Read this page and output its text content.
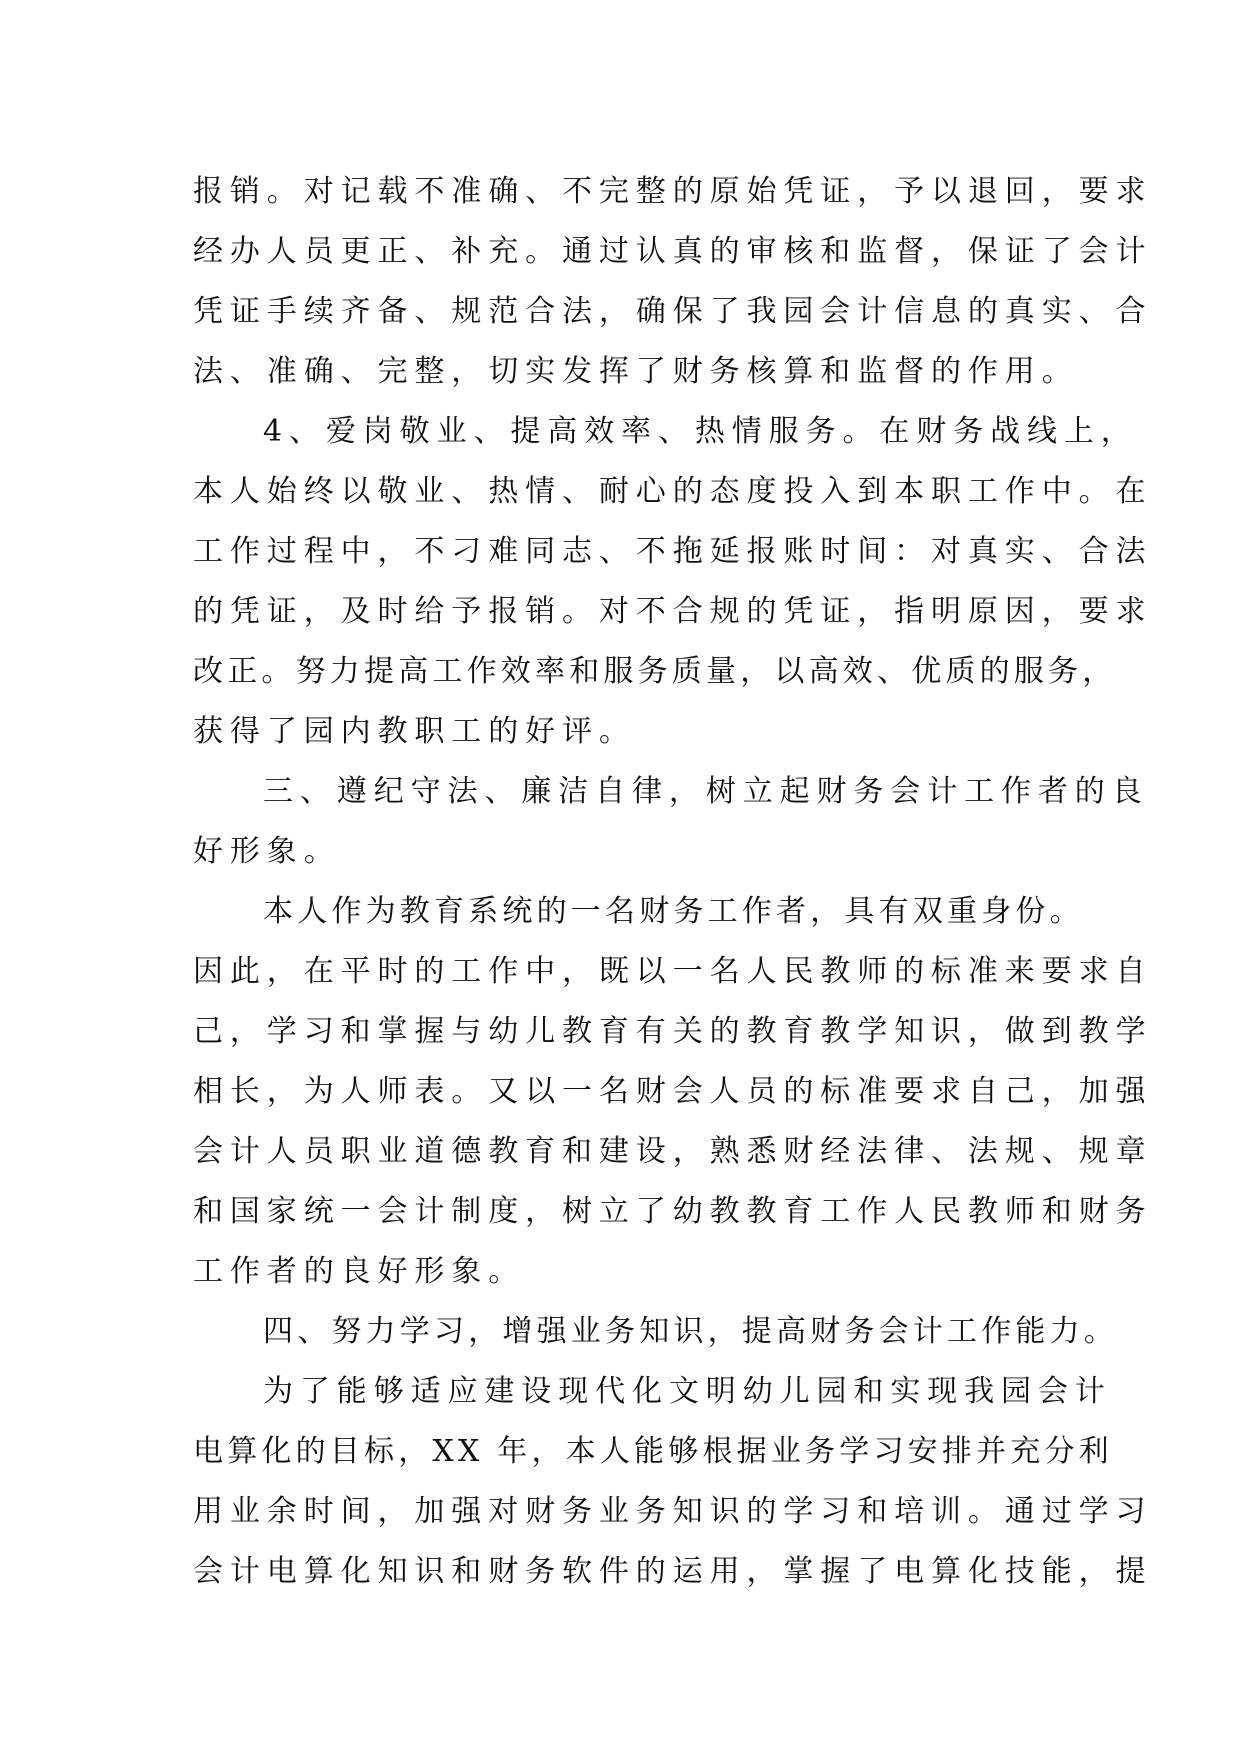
报销。对记载不准确、不完整的原始凭证，予以退回，要求
经办人员更正、补充。通过认真的审核和监督，保证了会计
凭证手续齐备、规范合法，确保了我园会计信息的真实、合
法、准确、完整，切实发挥了财务核算和监督的作用。
4、爱岗敬业、提高效率、热情服务。在财务战线上，
本人始终以敬业、热情、耐心的态度投入到本职工作中。在
工作过程中，不刁难同志、不拖延报账时间：对真实、合法
的凭证，及时给予报销。对不合规的凭证，指明原因，要求
改正。努力提高工作效率和服务质量，以高效、优质的服务，
获得了园内教职工的好评。
三、遵纪守法、廉洁自律，树立起财务会计工作者的良
好形象。
本人作为教育系统的一名财务工作者，具有双重身份。
因此，在平时的工作中，既以一名人民教师的标准来要求自
己，学习和掌握与幼儿教育有关的教育教学知识，做到教学
相长，为人师表。又以一名财会人员的标准要求自己，加强
会计人员职业道德教育和建设，熟悉财经法律、法规、规章
和国家统一会计制度，树立了幼教教育工作人民教师和财务
工作者的良好形象。
四、努力学习，增强业务知识，提高财务会计工作能力。
为了能够适应建设现代化文明幼儿园和实现我园会计
电算化的目标，XX 年，本人能够根据业务学习安排并充分利
用业余时间，加强对财务业务知识的学习和培训。通过学习
会计电算化知识和财务软件的运用，掌握了电算化技能，提
